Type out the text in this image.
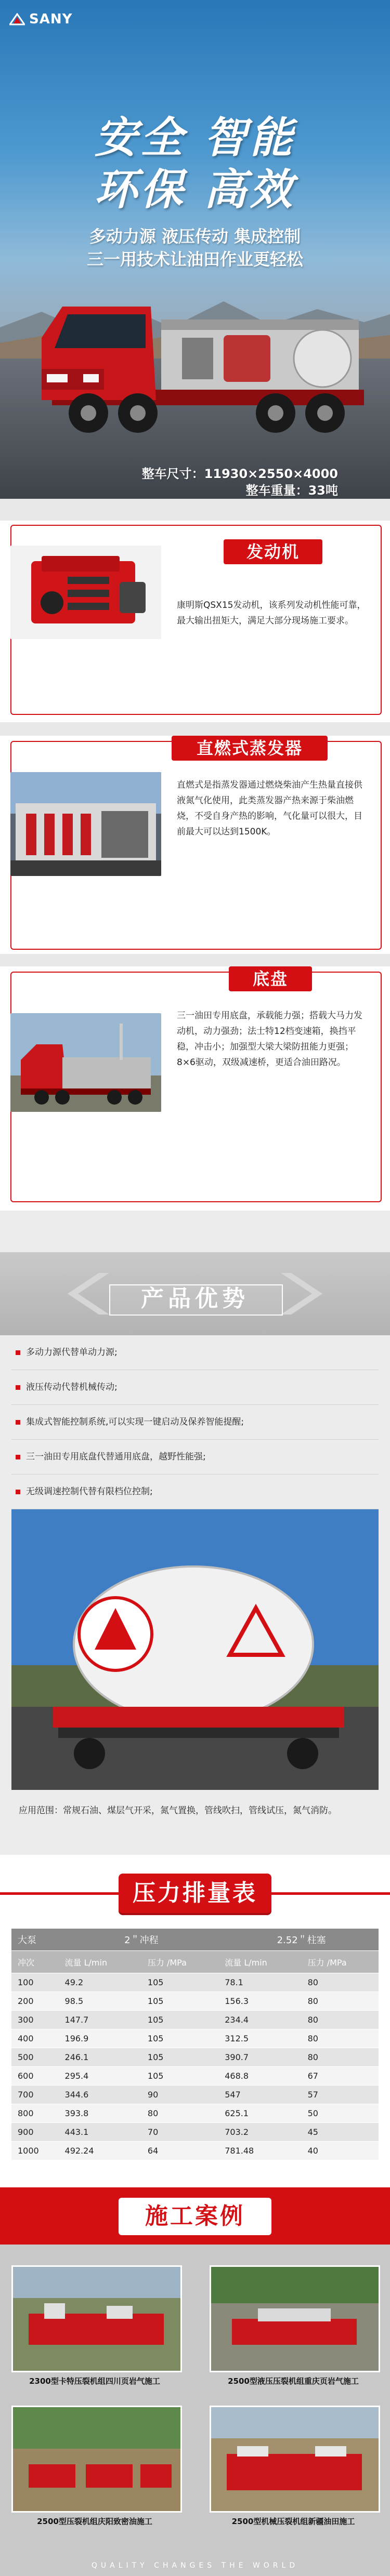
SANY
安全 智能
环保 高效
多动力源 液压传动 集成控制
三一用技术让油田作业更轻松
整车尺寸：11930×2550×4000
整车重量：33吨
发动机
康明斯QSX15发动机，该系列发动机性能可靠，最大输出扭矩大，满足大部分现场施工要求。
直燃式蒸发器
直燃式是指蒸发器通过燃烧柴油产生热量直接供液氮气化使用，此类蒸发器产热来源于柴油燃烧，不受自身产热的影响，气化量可以很大，目前最大可以达到1500K。
底盘
三一油田专用底盘，承载能力强；搭载大马力发动机，动力强劲；法士特12档变速箱，换挡平稳，冲击小；加强型大梁大梁防扭能力更强；8×6驱动，双级减速桥，更适合油田路况。
产品优势
多动力源代替单动力源;
液压传动代替机械传动;
集成式智能控制系统,可以实现一键启动及保养智能提醒;
三一油田专用底盘代替通用底盘，越野性能强;
无级调速控制代替有限档位控制;
应用范围：常规石油、煤层气开采，氮气置换，管线吹扫，管线试压，氮气消防。
压力排量表
大泵	2＂冲程		2.52＂柱塞	
冲次	流量 L/min	压力 /MPa	流量 L/min	压力 /MPa
100	49.2	105	78.1	80
200	98.5	105	156.3	80
300	147.7	105	234.4	80
400	196.9	105	312.5	80
500	246.1	105	390.7	80
600	295.4	105	468.8	67
700	344.6	90	547	57
800	393.8	80	625.1	50
900	443.1	70	703.2	45
1000	492.24	64	781.48	40
施工案例
2300型卡特压裂机组四川页岩气施工	2500型液压压裂机组重庆页岩气施工
2500型压裂机组庆阳致密油施工	2500型机械压裂机组新疆油田施工
QUALITY CHANGES THE WORLD
